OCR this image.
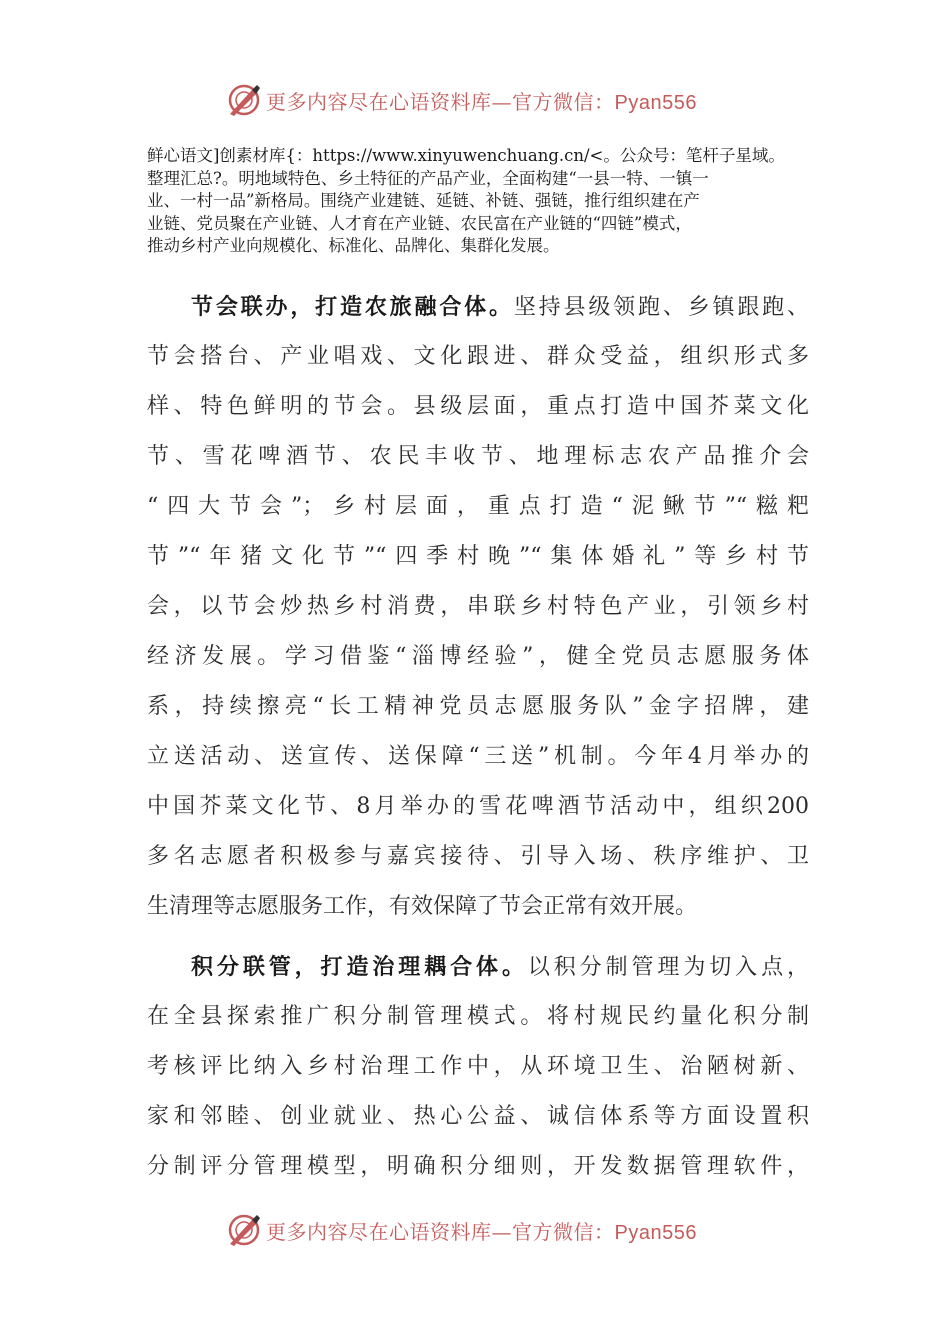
更多内容尽在心语资料库—官方微信：Pyan556
鲜心语文]创素材库{：https://www.xinyuwenchuang.cn/<。公众号：笔杆子星域。
整理汇总?。明地域特色、乡土特征的产品产业，全面构建“一县一特、一镇一
业、一村一品”新格局。围绕产业建链、延链、补链、强链，推行组织建在产
业链、党员聚在产业链、人才育在产业链、农民富在产业链的“四链”模式，
推动乡村产业向规模化、标准化、品牌化、集群化发展。
节会联办，打造农旅融合体。坚持县级领跑、乡镇跟跑、
节会搭台、产业唱戏、文化跟进、群众受益，组织形式多
样、特色鲜明的节会。县级层面，重点打造中国芥菜文化
节、雪花啤酒节、农民丰收节、地理标志农产品推介会
“四大节会”；乡村层面，重点打造“泥鳅节”“糍粑
节”“年猪文化节”“四季村晚”“集体婚礼”等乡村节
会，以节会炒热乡村消费，串联乡村特色产业，引领乡村
经济发展。学习借鉴“淄博经验”，健全党员志愿服务体
系，持续擦亮“长工精神党员志愿服务队”金字招牌，建
立送活动、送宣传、送保障“三送”机制。今年4月举办的
中国芥菜文化节、8月举办的雪花啤酒节活动中，组织200
多名志愿者积极参与嘉宾接待、引导入场、秩序维护、卫
生清理等志愿服务工作，有效保障了节会正常有效开展。
积分联管，打造治理耦合体。以积分制管理为切入点，
在全县探索推广积分制管理模式。将村规民约量化积分制
考核评比纳入乡村治理工作中，从环境卫生、治陋树新、
家和邻睦、创业就业、热心公益、诚信体系等方面设置积
分制评分管理模型，明确积分细则，开发数据管理软件，
更多内容尽在心语资料库—官方微信：Pyan556
